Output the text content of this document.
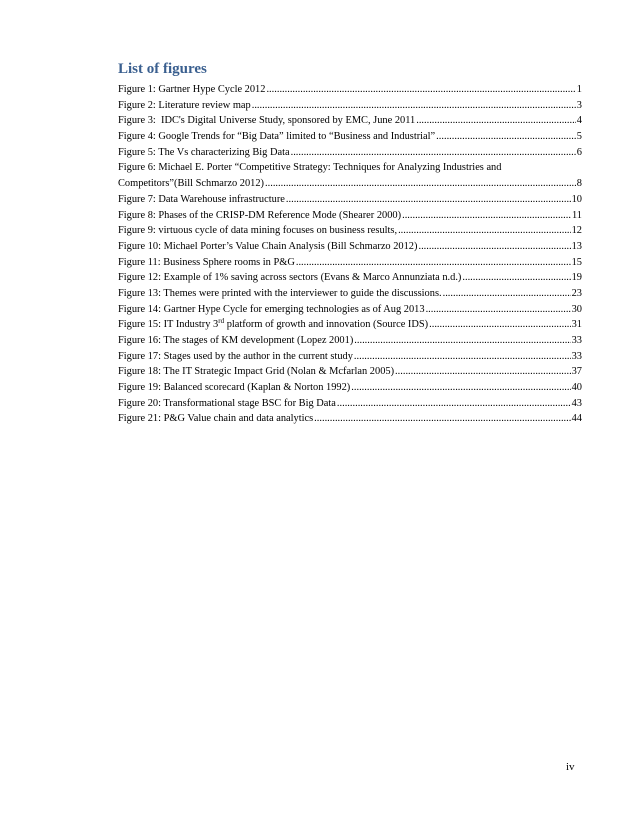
List of figures
Figure 1: Gartner Hype Cycle 2012 .....	1
Figure 2: Literature review map .....	3
Figure 3:  IDC's Digital Universe Study, sponsored by EMC, June 2011 .....	4
Figure 4: Google Trends for “Big Data” limited to “Business and Industrial” .....	5
Figure 5: The Vs characterizing Big Data .....	6
Figure 6: Michael E. Porter “Competitive Strategy: Techniques for Analyzing Industries and
Competitors”(Bill Schmarzo 2012) .....	8
Figure 7: Data Warehouse infrastructure .....	10
Figure 8: Phases of the CRISP-DM Reference Mode (Shearer 2000) .....	11
Figure 9: virtuous cycle of data mining focuses on business results, .....	12
Figure 10: Michael Porter’s Value Chain Analysis (Bill Schmarzo 2012) .....	13
Figure 11: Business Sphere rooms in P&G .....	15
Figure 12: Example of 1% saving across sectors (Evans & Marco Annunziata n.d.) .....	19
Figure 13: Themes were printed with the interviewer to guide the discussions. .....	23
Figure 14: Gartner Hype Cycle for emerging technologies as of Aug 2013 .....	30
Figure 15: IT Industry 3rd platform of growth and innovation (Source IDS) .....	31
Figure 16: The stages of KM development (Lopez 2001) .....	33
Figure 17: Stages used by the author in the current study .....	33
Figure 18: The IT Strategic Impact Grid (Nolan & Mcfarlan 2005) .....	37
Figure 19: Balanced scorecard (Kaplan & Norton 1992) .....	40
Figure 20: Transformational stage BSC for Big Data .....	43
Figure 21: P&G Value chain and data analytics .....	44
iv
